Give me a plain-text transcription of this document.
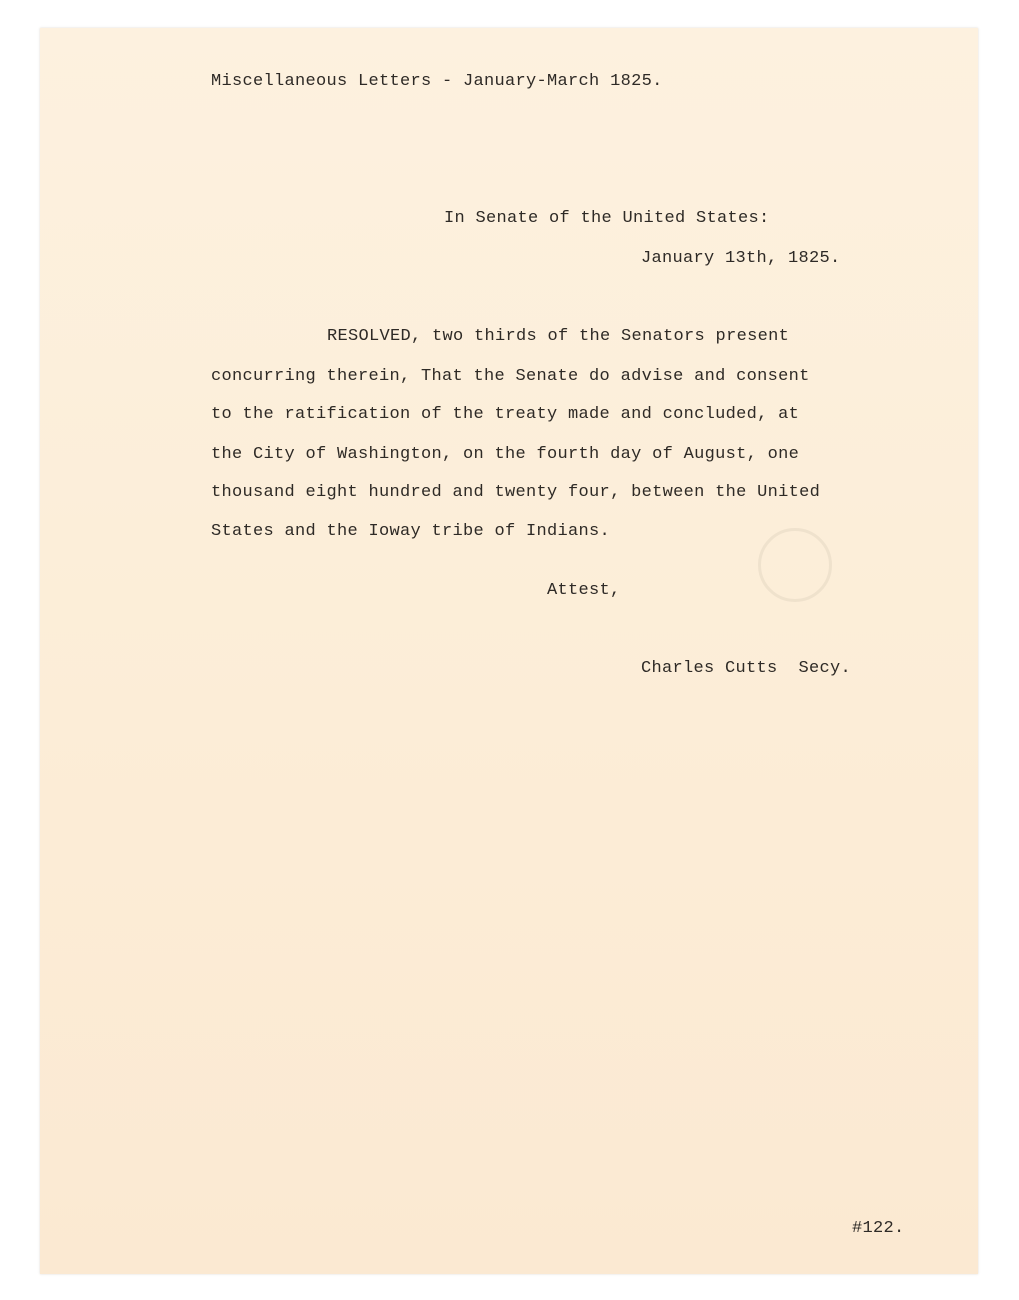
Miscellaneous Letters - January-March 1825.
In Senate of the United States:
January 13th, 1825.
RESOLVED, two thirds of the Senators present
concurring therein, That the Senate do advise and consent
to the ratification of the treaty made and concluded, at
the City of Washington, on the fourth day of August, one
thousand eight hundred and twenty four, between the United
States and the Ioway tribe of Indians.
Attest,
Charles Cutts  Secy.
#122.
